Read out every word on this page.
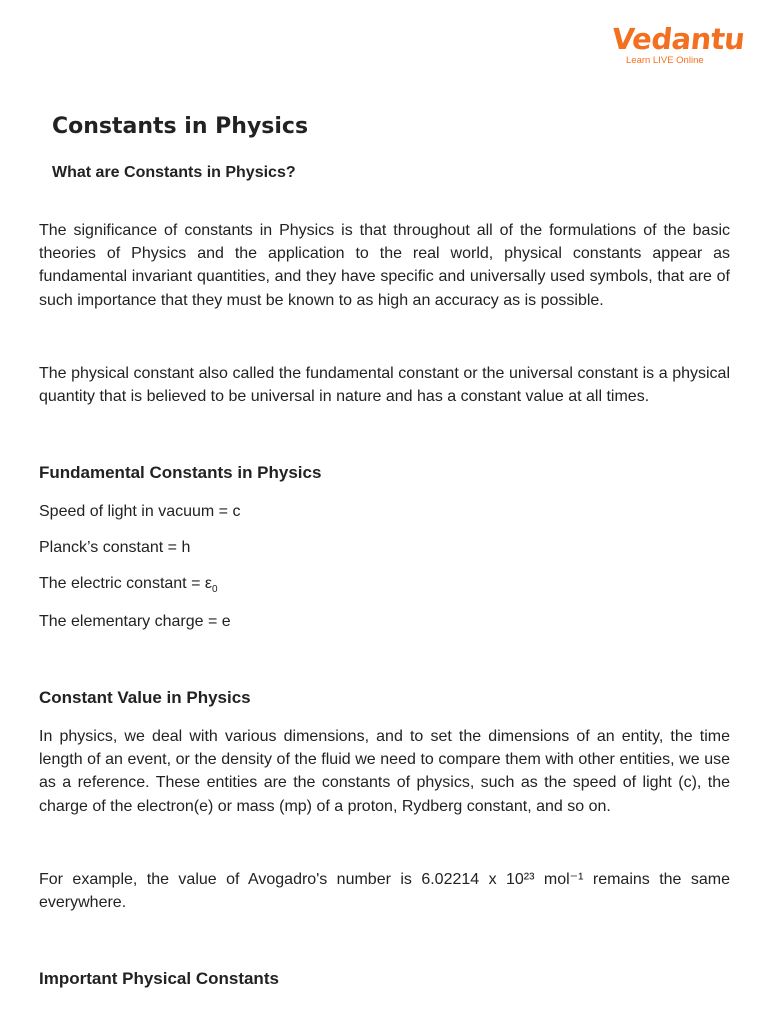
Vedantu
Learn LIVE Online
Constants in Physics
What are Constants in Physics?

The significance of constants in Physics is that throughout all of the formulations of the basic theories of Physics and the application to the real world, physical constants appear as fundamental invariant quantities, and they have specific and universally used symbols, that are of such importance that they must be known to as high an accuracy as is possible.

The physical constant also called the fundamental constant or the universal constant is a physical quantity that is believed to be universal in nature and has a constant value at all times.

Fundamental Constants in Physics

Speed of light in vacuum = c

Planck’s constant = h

The electric constant = $\varepsilon_0$

The elementary charge = e

Constant Value in Physics

In physics, we deal with various dimensions, and to set the dimensions of an entity, the time length of an event, or the density of the fluid we need to compare them with other entities, we use as a reference. These entities are the constants of physics, such as the speed of light (c), the charge of the electron(e) or mass (mp) of a proton, Rydberg constant, and so on.

For example, the value of Avogadro's number is 6.02214 x 10²³ mol⁻¹ remains the same everywhere.

Important Physical Constants
